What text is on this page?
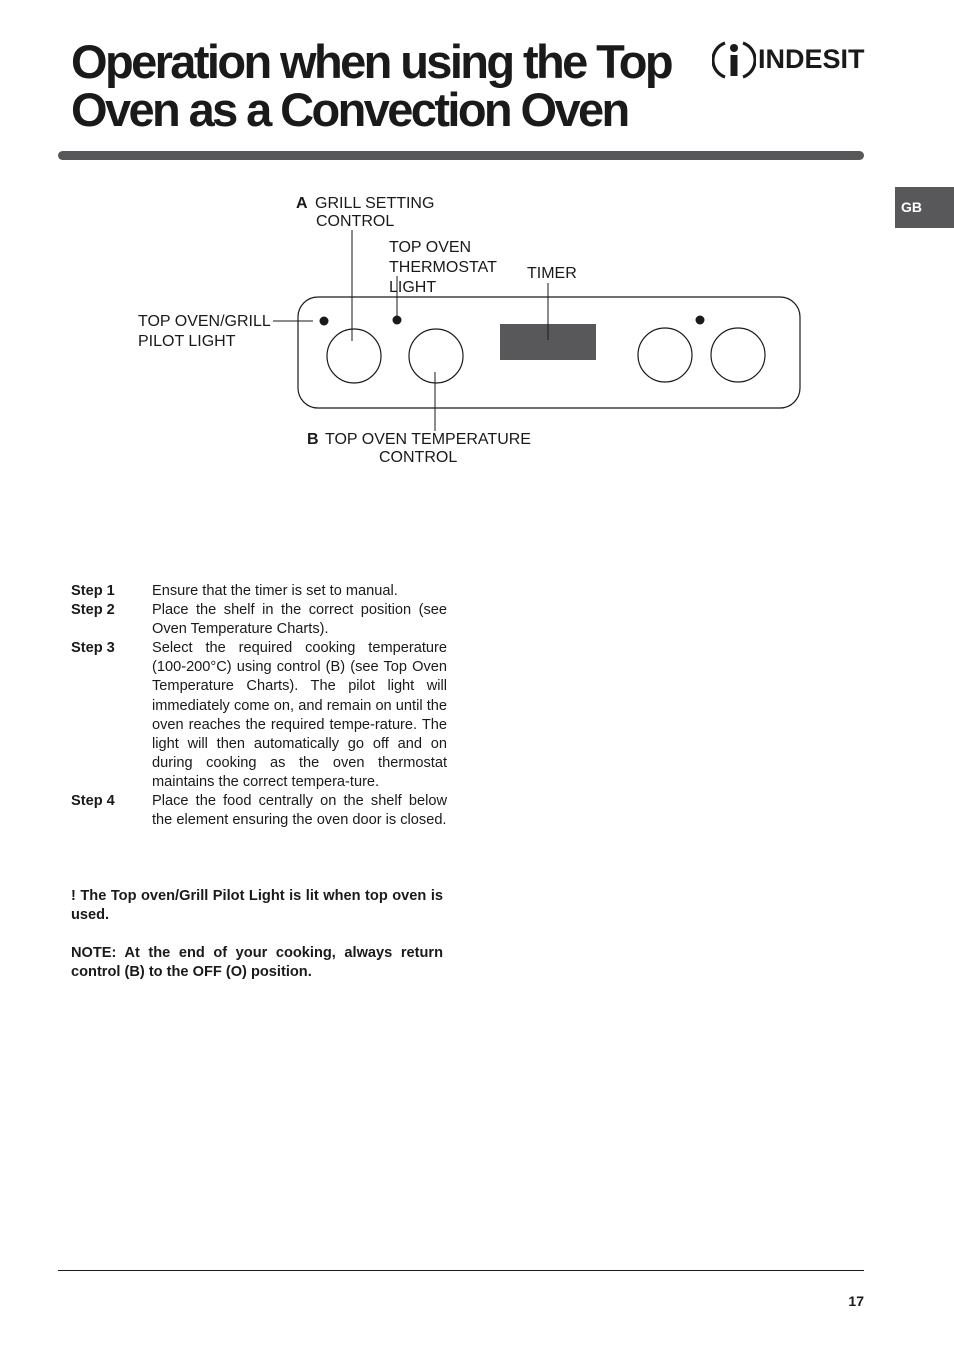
Operation when using the Top
Oven as a Convection Oven
INDESIT
GB
A GRILL SETTING
CONTROL
TOP OVEN
THERMOSTAT
LIGHT
TIMER
TOP OVEN/GRILL
PILOT LIGHT
B TOP OVEN TEMPERATURE
CONTROL
Step 1	Ensure that the timer is set to manual.
Step 2	Place the shelf in the correct position (see Oven Temperature Charts).
Step 3	Select the required cooking temperature (100-200°C) using control (B) (see Top Oven Temperature Charts). The pilot light will immediately come on, and remain on until the oven reaches the required tempe-rature. The light will then automatically go off and on during cooking as the oven thermostat maintains the correct tempera-ture.
Step 4	Place the food centrally on the shelf below the element ensuring the oven door is closed.

! The Top oven/Grill Pilot Light is lit when top oven is used.

NOTE: At the end of your cooking, always return control (B) to the OFF (O) position.

17
